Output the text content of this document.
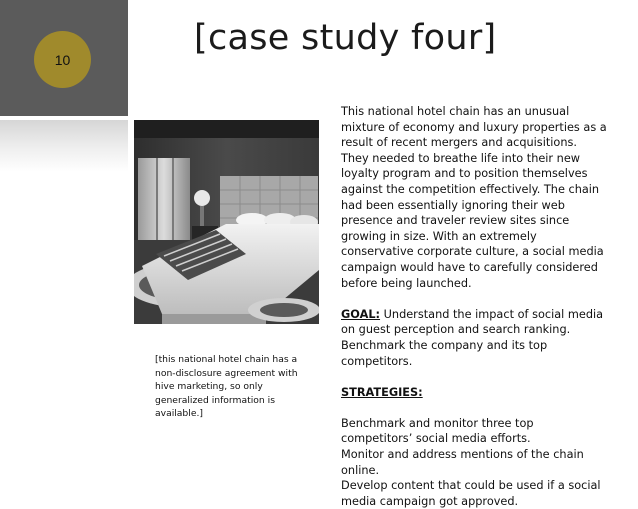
10
[case study four]

[this national hotel chain has a non-disclosure agreement with hive marketing, so only generalized information is available.]

This national hotel chain has an unusual mixture of economy and luxury properties as a result of recent mergers and acquisitions. They needed to breathe life into their new loyalty program and to position themselves against the competition effectively. The chain had been essentially ignoring their web presence and traveler review sites since growing in size. With an extremely conservative corporate culture, a social media campaign would have to carefully considered before being launched.

GOAL: Understand the impact of social media on guest perception and search ranking. Benchmark the company and its top competitors.

STRATEGIES:

Benchmark and monitor three top competitors’ social media efforts.

Monitor and address mentions of the chain online.

Develop content that could be used if a social media campaign got approved.
